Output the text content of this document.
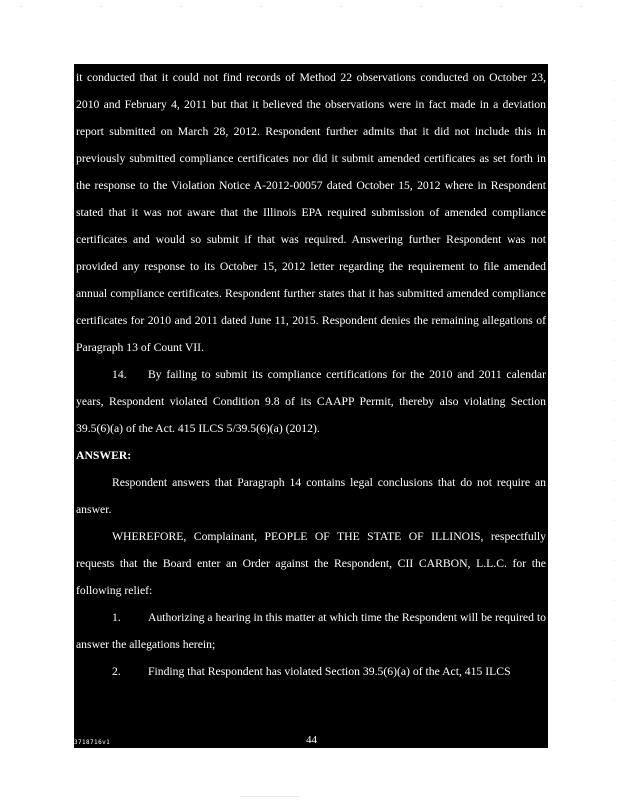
it conducted that it could not find records of Method 22 observations conducted on October 23, 2010 and February 4, 2011 but that it believed the observations were in fact made in a deviation report submitted on March 28, 2012. Respondent further admits that it did not include this in previously submitted compliance certificates nor did it submit amended certificates as set forth in the response to the Violation Notice A-2012-00057 dated October 15, 2012 where in Respondent stated that it was not aware that the Illinois EPA required submission of amended compliance certificates and would so submit if that was required. Answering further Respondent was not provided any response to its October 15, 2012 letter regarding the requirement to file amended annual compliance certificates. Respondent further states that it has submitted amended compliance certificates for 2010 and 2011 dated June 11, 2015. Respondent denies the remaining allegations of Paragraph 13 of Count VII.

14. By failing to submit its compliance certifications for the 2010 and 2011 calendar years, Respondent violated Condition 9.8 of its CAAPP Permit, thereby also violating Section 39.5(6)(a) of the Act. 415 ILCS 5/39.5(6)(a) (2012).

ANSWER:

Respondent answers that Paragraph 14 contains legal conclusions that do not require an answer.

WHEREFORE, Complainant, PEOPLE OF THE STATE OF ILLINOIS, respectfully requests that the Board enter an Order against the Respondent, CII CARBON, L.L.C. for the following relief:

1. Authorizing a hearing in this matter at which time the Respondent will be required to answer the allegations herein;

2. Finding that Respondent has violated Section 39.5(6)(a) of the Act, 415 ILCS

3718716v1	44
